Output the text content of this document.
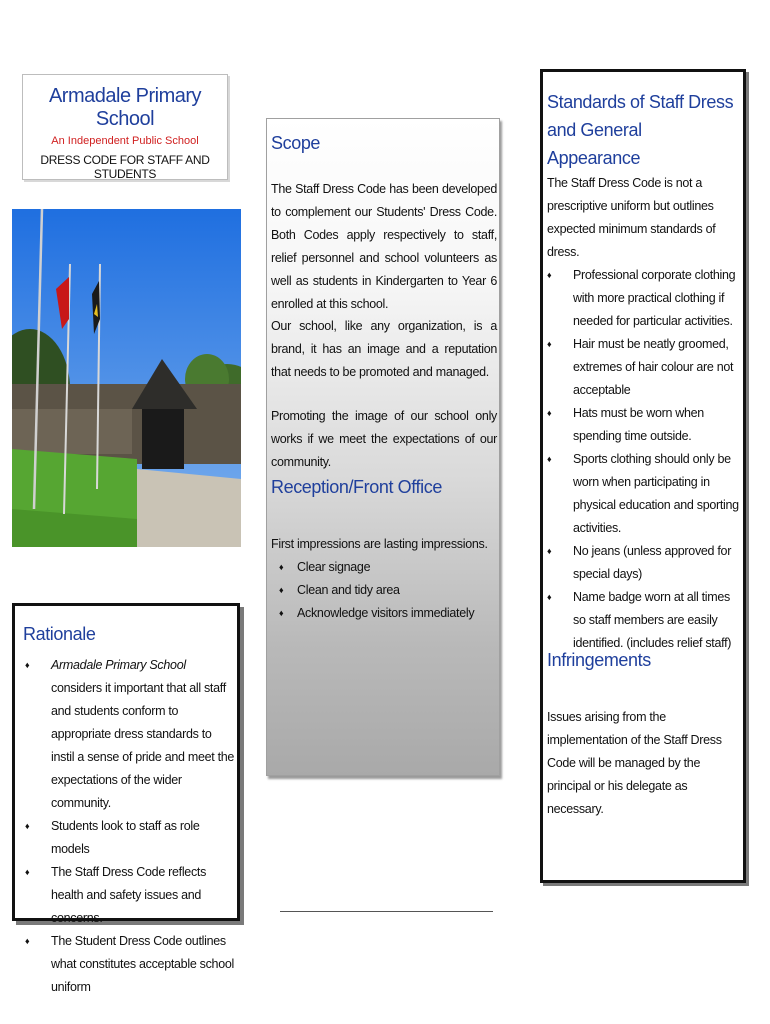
Armadale Primary School
An Independent Public School
DRESS CODE FOR STAFF AND STUDENTS
Rationale
♦ Armadale Primary School considers it important that all staff and students conform to appropriate dress standards to instil a sense of pride and meet the expectations of the wider community.
♦ Students look to staff as role models
♦ The Staff Dress Code reflects health and safety issues and concerns.
♦ The Student Dress Code outlines what constitutes acceptable school uniform
Scope
The Staff Dress Code has been developed to complement our Students' Dress Code. Both Codes apply respectively to staff, relief personnel and school volunteers as well as students in Kindergarten to Year 6 enrolled at this school.
Our school, like any organization, is a brand, it has an image and a reputation that needs to be promoted and managed.
Promoting the image of our school only works if we meet the expectations of our community.
Reception/Front Office
First impressions are lasting impressions.
♦ Clear signage
♦ Clean and tidy area
♦ Acknowledge visitors immediately
Standards of Staff Dress and General Appearance
The Staff Dress Code is not a prescriptive uniform but outlines expected minimum standards of dress.
♦ Professional corporate clothing with more practical clothing if needed for particular activities.
♦ Hair must be neatly groomed, extremes of hair colour are not acceptable
♦ Hats must be worn when spending time outside.
♦ Sports clothing should only be worn when participating in physical education and sporting activities.
♦ No jeans (unless approved for special days)
♦ Name badge worn at all times so staff members are easily identified. (includes relief staff)
Infringements
Issues arising from the implementation of the Staff Dress Code will be managed by the principal or his delegate as necessary.
